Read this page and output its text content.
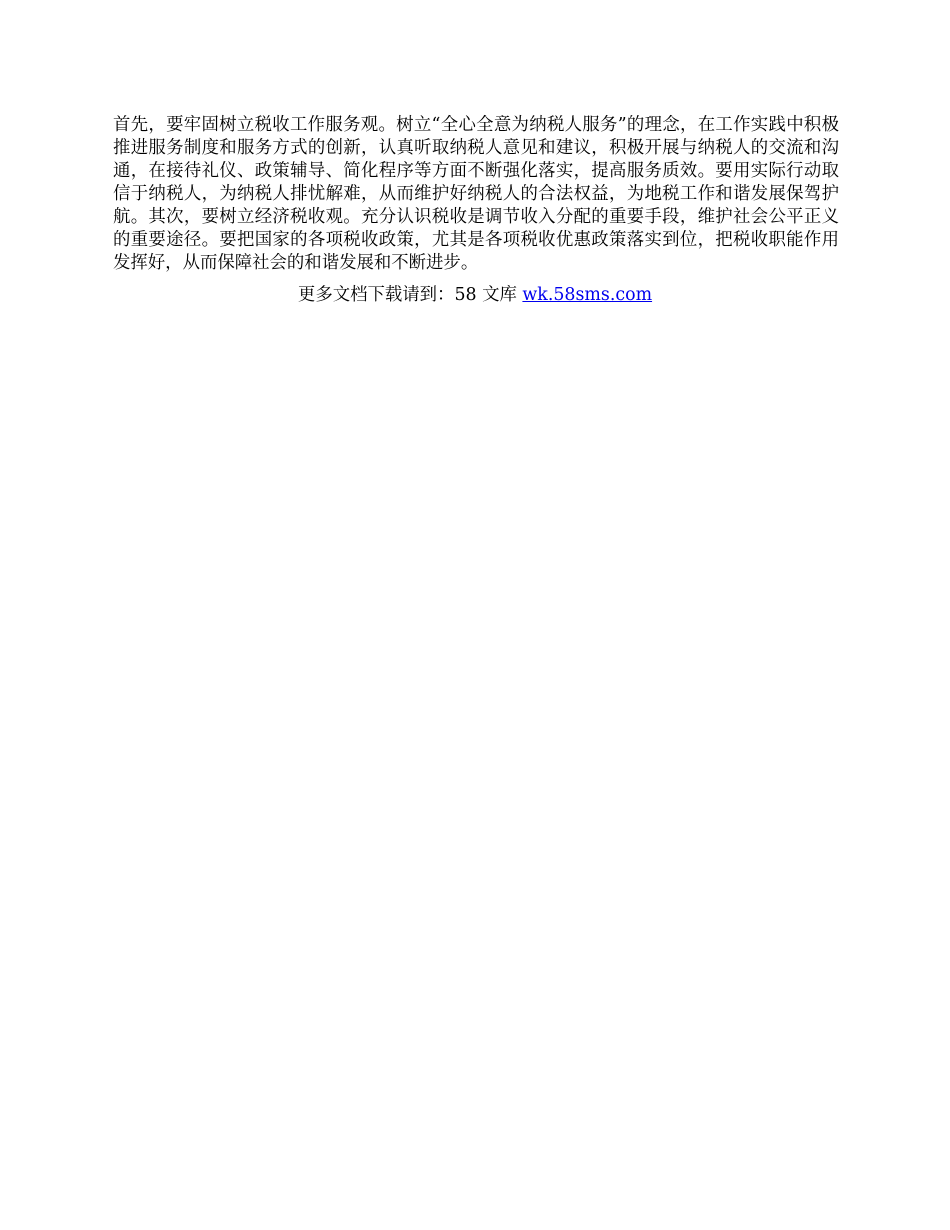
首先，要牢固树立税收工作服务观。树立“全心全意为纳税人服务”的理念，在工作实践中积极推进服务制度和服务方式的创新，认真听取纳税人意见和建议，积极开展与纳税人的交流和沟通，在接待礼仪、政策辅导、简化程序等方面不断强化落实，提高服务质效。要用实际行动取信于纳税人，为纳税人排忧解难，从而维护好纳税人的合法权益，为地税工作和谐发展保驾护航。其次，要树立经济税收观。充分认识税收是调节收入分配的重要手段，维护社会公平正义的重要途径。要把国家的各项税收政策，尤其是各项税收优惠政策落实到位，把税收职能作用发挥好，从而保障社会的和谐发展和不断进步。

更多文档下载请到：58 文库 wk.58sms.com
